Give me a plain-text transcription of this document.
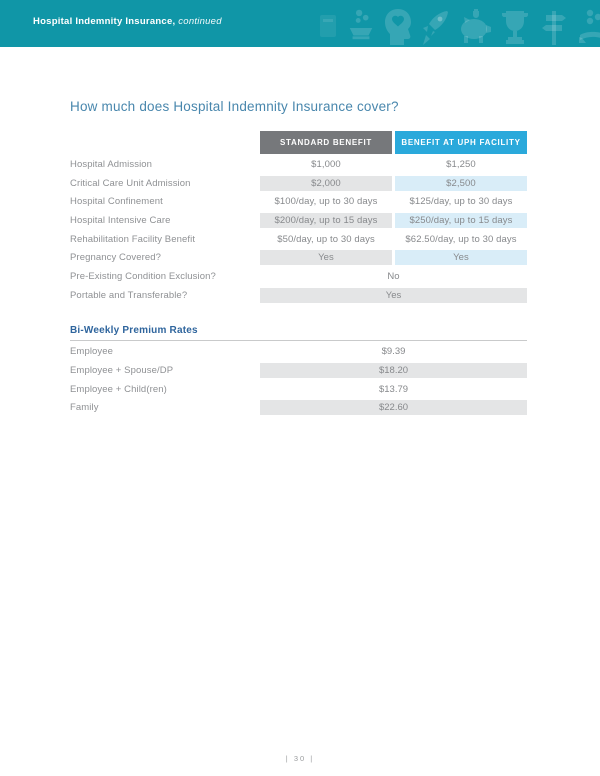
Hospital Indemnity Insurance, continued
How much does Hospital Indemnity Insurance cover?
STANDARD BENEFIT	BENEFIT AT UPH FACILITY
Hospital Admission	$1,000	$1,250
Critical Care Unit Admission	$2,000	$2,500
Hospital Confinement	$100/day, up to 30 days	$125/day, up to 30 days
Hospital Intensive Care	$200/day, up to 15 days	$250/day, up to 15 days
Rehabilitation Facility Benefit	$50/day, up to 30 days	$62.50/day, up to 30 days
Pregnancy Covered?	Yes	Yes
Pre-Existing Condition Exclusion?	No
Portable and Transferable?	Yes
Bi-Weekly Premium Rates
Employee	$9.39
Employee + Spouse/DP	$18.20
Employee + Child(ren)	$13.79
Family	$22.60
| 30 |
